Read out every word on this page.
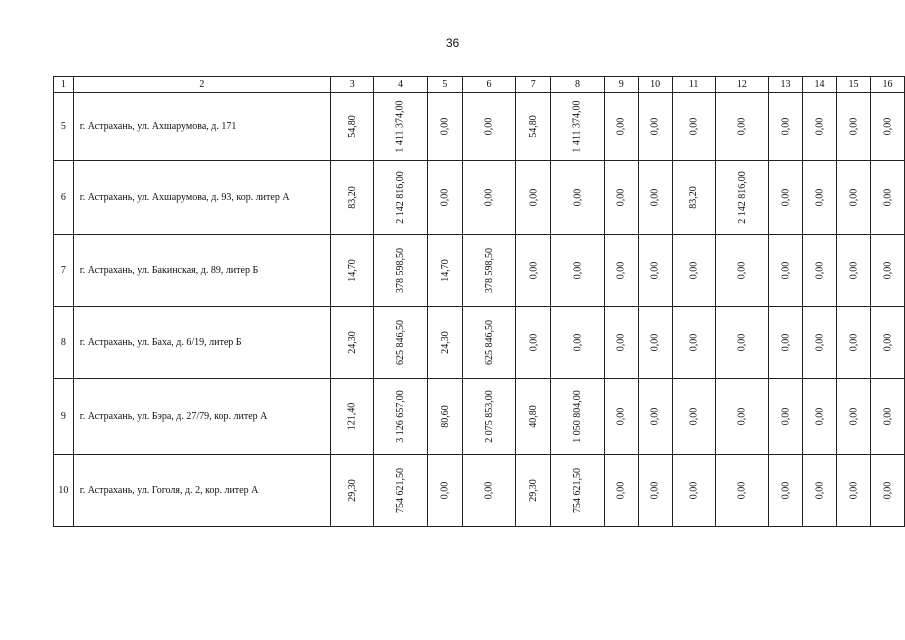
36
1	2	3	4	5	6	7	8	9	10	11	12	13	14	15	16
5	г. Астрахань, ул. Ахшарумова, д. 171	54,80	1 411 374,00	0,00	0,00	54,80	1 411 374,00	0,00	0,00	0,00	0,00	0,00	0,00	0,00	0,00
6	г. Астрахань, ул. Ахшарумова, д. 93, кор. литер А	83,20	2 142 816,00	0,00	0,00	0,00	0,00	0,00	0,00	83,20	2 142 816,00	0,00	0,00	0,00	0,00
7	г. Астрахань, ул. Бакинская, д. 89, литер Б	14,70	378 598,50	14,70	378 598,50	0,00	0,00	0,00	0,00	0,00	0,00	0,00	0,00	0,00	0,00
8	г. Астрахань, ул. Баха, д. 6/19, литер Б	24,30	625 846,50	24,30	625 846,50	0,00	0,00	0,00	0,00	0,00	0,00	0,00	0,00	0,00	0,00
9	г. Астрахань, ул. Бэра, д. 27/79, кор. литер А	121,40	3 126 657,00	80,60	2 075 853,00	40,80	1 050 804,00	0,00	0,00	0,00	0,00	0,00	0,00	0,00	0,00
10	г. Астрахань, ул. Гоголя, д. 2, кор. литер А	29,30	754 621,50	0,00	0,00	29,30	754 621,50	0,00	0,00	0,00	0,00	0,00	0,00	0,00	0,00
